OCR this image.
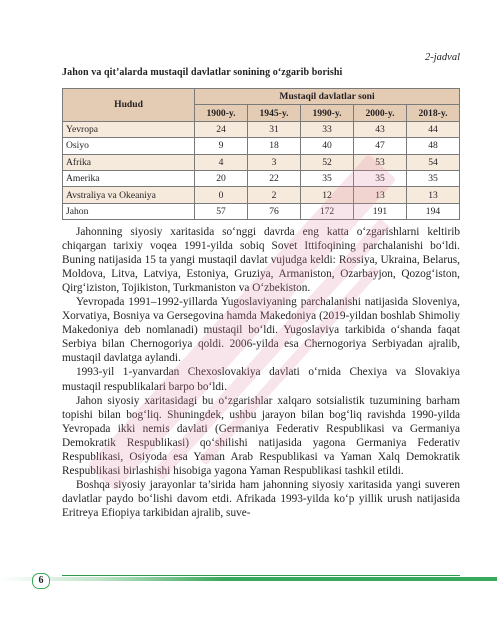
2-jadval
Jahon va qit’alarda mustaqil davlatlar sonining o‘zgarib borishi
Hudud	Mustaqil davlatlar soni				
	1900-y.	1945-y.	1990-y.	2000-y.	2018-y.
Yevropa	24	31	33	43	44
Osiyo	9	18	40	47	48
Afrika	4	3	52	53	54
Amerika	20	22	35	35	35
Avstraliya va Okeaniya	0	2	12	13	13
Jahon	57	76	172	191	194

Jahonning siyosiy xaritasida so‘nggi davrda eng katta o‘zgarishlarni keltirib chiqargan tarixiy voqea 1991-yilda sobiq Sovet Ittifoqining parchalanishi bo‘ldi. Buning natijasida 15 ta yangi mustaqil davlat vujudga keldi: Rossiya, Ukraina, Belarus, Moldova, Litva, Latviya, Estoniya, Gruziya, Armaniston, Ozarbayjon, Qozog‘iston, Qirg‘iziston, Tojikiston, Turkmaniston va O‘zbekiston.

Yevropada 1991–1992-yillarda Yugoslaviyaning parchalanishi natijasida Sloveniya, Xorvatiya, Bosniya va Gersegovina hamda Makedoniya (2019-yildan boshlab Shimoliy Makedoniya deb nomlanadi) mustaqil bo‘ldi. Yugoslaviya tarkibida o‘shanda faqat Serbiya bilan Chernogoriya qoldi. 2006-yilda esa Chernogoriya Serbiyadan ajralib, mustaqil davlatga aylandi.

1993-yil 1-yanvardan Chexoslovakiya davlati o‘rnida Chexiya va Slovakiya mustaqil respublikalari barpo bo‘ldi.

Jahon siyosiy xaritasidagi bu o‘zgarishlar xalqaro sotsialistik tuzumining barham topishi bilan bog‘liq. Shuningdek, ushbu jarayon bilan bog‘liq ravishda 1990-yilda Yevropada ikki nemis davlati (Germaniya Federativ Respublikasi va Germaniya Demokratik Respublikasi) qo‘shilishi natijasida yagona Germaniya Federativ Respublikasi, Osiyoda esa Yaman Arab Respublikasi va Yaman Xalq Demokratik Respublikasi birlashishi hisobiga yagona Yaman Respublikasi tashkil etildi.

Boshqa siyosiy jarayonlar ta’sirida ham jahonning siyosiy xaritasida yangi suveren davlatlar paydo bo‘lishi davom etdi. Afrikada 1993-yilda ko‘p yillik urush natijasida Eritreya Efiopiya tarkibidan ajralib, suve-

6
